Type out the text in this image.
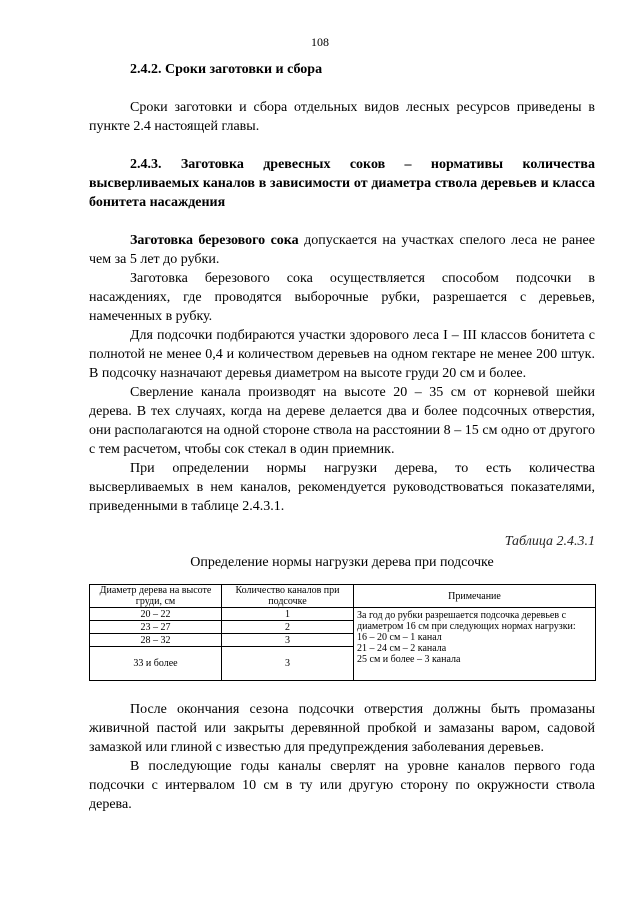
108
2.4.2. Сроки заготовки и сбора

Сроки заготовки и сбора отдельных видов лесных ресурсов приведены в пункте 2.4 настоящей главы.

2.4.3. Заготовка древесных соков – нормативы количества высверливаемых каналов в зависимости от диаметра ствола деревьев и класса бонитета насаждения

Заготовка березового сока допускается на участках спелого леса не ранее чем за 5 лет до рубки.

Заготовка березового сока осуществляется способом подсочки в насаждениях, где проводятся выборочные рубки, разрешается с деревьев, намеченных в рубку.

Для подсочки подбираются участки здорового леса I – III классов бонитета с полнотой не менее 0,4 и количеством деревьев на одном гектаре не менее 200 штук. В подсочку назначают деревья диаметром на высоте груди 20 см и более.

Сверление канала производят на высоте 20 – 35 см от корневой шейки дерева. В тех случаях, когда на дереве делается два и более подсочных отверстия, они располагаются на одной стороне ствола на расстоянии 8 – 15 см одно от другого с тем расчетом, чтобы сок стекал в один приемник.

При определении нормы нагрузки дерева, то есть количества высверливаемых в нем каналов, рекомендуется руководствоваться показателями, приведенными в таблице 2.4.3.1.

Таблица 2.4.3.1
Определение нормы нагрузки дерева при подсочке
Диаметр дерева на высоте груди, см	Количество каналов при подсочке	Примечание
20 – 22	1	За год до рубки разрешается подсочка деревьев с диаметром 16 см при следующих нормах нагрузки:
16 – 20 см – 1 канал
21 – 24 см – 2 канала
25 см и более – 3 канала

23 – 27	2	
28 – 32	3	
33 и более	3	

После окончания сезона подсочки отверстия должны быть промазаны живичной пастой или закрыты деревянной пробкой и замазаны варом, садовой замазкой или глиной с известью для предупреждения заболевания деревьев.

В последующие годы каналы сверлят на уровне каналов первого года подсочки с интервалом 10 см в ту или другую сторону по окружности ствола дерева.
